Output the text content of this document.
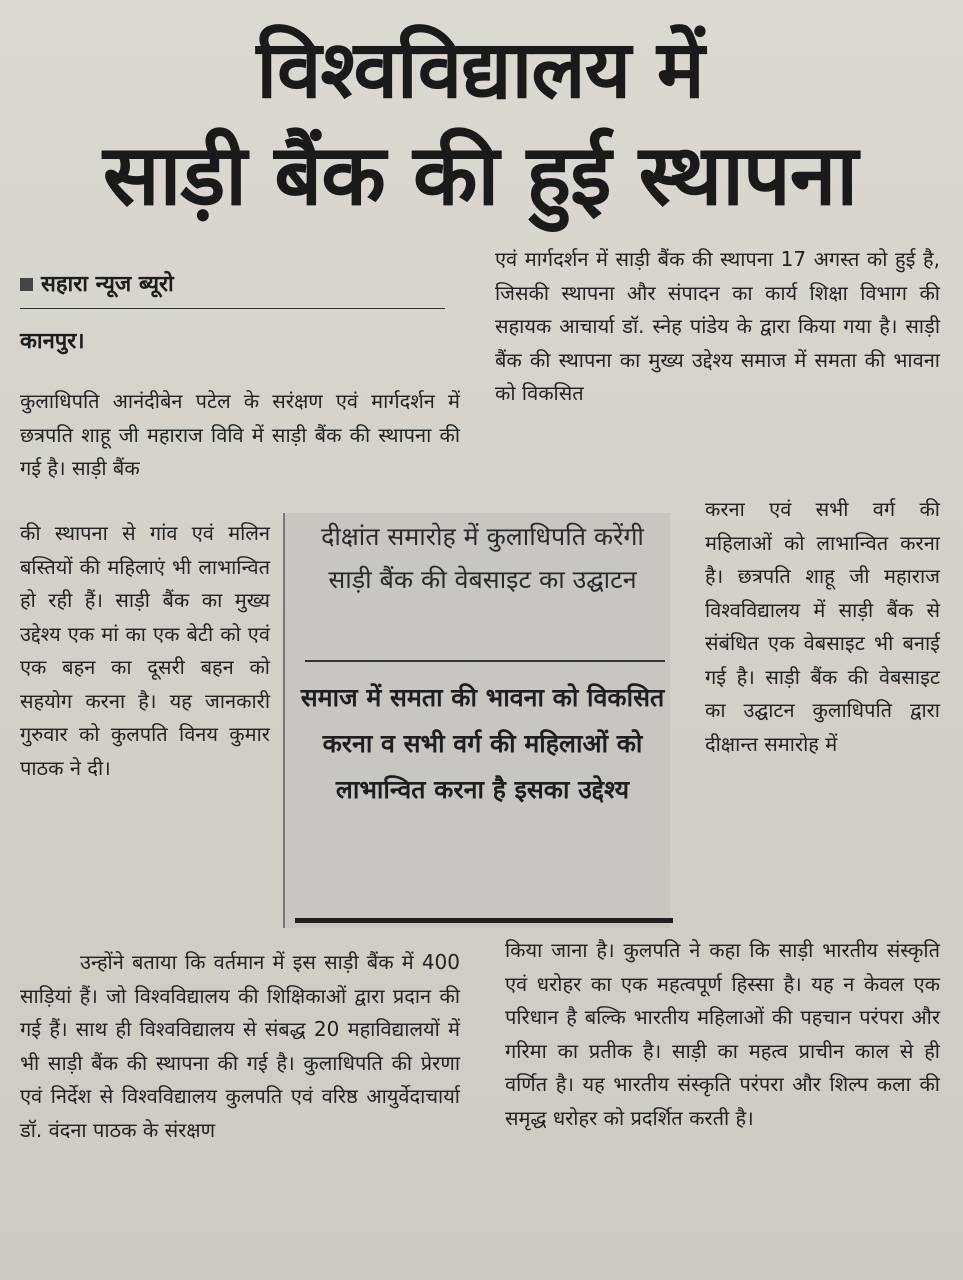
विश्वविद्यालय में
साड़ी बैंक की हुई स्थापना
सहारा न्यूज ब्यूरो
कानपुर।

कुलाधिपति आनंदीबेन पटेल के सरंक्षण एवं मार्गदर्शन में छत्रपति शाहू जी महाराज विवि में साड़ी बैंक की स्थापना की गई है। साड़ी बैंक

की स्थापना से गांव एवं मलिन बस्तियों की महिलाएं भी लाभान्वित हो रही हैं। साड़ी बैंक का मुख्य उद्देश्य एक मां का एक बेटी को एवं एक बहन का दूसरी बहन को सहयोग करना है। यह जानकारी गुरुवार को कुलपति विनय कुमार पाठक ने दी।

उन्होंने बताया कि वर्तमान में इस साड़ी बैंक में 400 साड़ियां हैं। जो विश्वविद्यालय की शिक्षिकाओं द्वारा प्रदान की गई हैं। साथ ही विश्वविद्यालय से संबद्ध 20 महाविद्यालयों में भी साड़ी बैंक की स्थापना की गई है। कुलाधिपति की प्रेरणा एवं निर्देश से विश्वविद्यालय कुलपति एवं वरिष्ठ आयुर्वेदाचार्या डॉ. वंदना पाठक के संरक्षण

एवं मार्गदर्शन में साड़ी बैंक की स्थापना 17 अगस्त को हुई है, जिसकी स्थापना और संपादन का कार्य शिक्षा विभाग की सहायक आचार्या डॉ. स्नेह पांडेय के द्वारा किया गया है। साड़ी बैंक की स्थापना का मुख्य उद्देश्य समाज में समता की भावना को विकसित

करना एवं सभी वर्ग की महिलाओं को लाभान्वित करना है। छत्रपति शाहू जी महाराज विश्वविद्यालय में साड़ी बैंक से संबंधित एक वेबसाइट भी बनाई गई है। साड़ी बैंक की वेबसाइट का उद्घाटन कुलाधिपति द्वारा दीक्षान्त समारोह में

किया जाना है। कुलपति ने कहा कि साड़ी भारतीय संस्कृति एवं धरोहर का एक महत्वपूर्ण हिस्सा है। यह न केवल एक परिधान है बल्कि भारतीय महिलाओं की पहचान परंपरा और गरिमा का प्रतीक है। साड़ी का महत्व प्राचीन काल से ही वर्णित है। यह भारतीय संस्कृति परंपरा और शिल्प कला की समृद्ध धरोहर को प्रदर्शित करती है।

दीक्षांत समारोह में कुलाधिपति करेंगी साड़ी बैंक की वेबसाइट का उद्घाटन
समाज में समता की भावना को विकसित करना व सभी वर्ग की महिलाओं को लाभान्वित करना है इसका उद्देश्य
